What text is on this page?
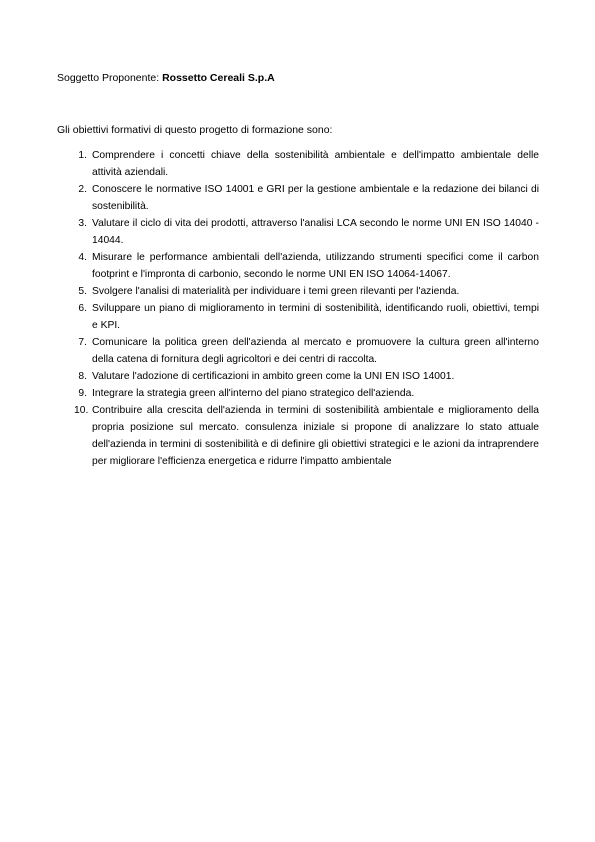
Soggetto Proponente: Rossetto Cereali S.p.A
Gli obiettivi formativi di questo progetto di formazione sono:
1. Comprendere i concetti chiave della sostenibilità ambientale e dell'impatto ambientale delle attività aziendali.
2. Conoscere le normative ISO 14001 e GRI per la gestione ambientale e la redazione dei bilanci di sostenibilità.
3. Valutare il ciclo di vita dei prodotti, attraverso l'analisi LCA secondo le norme UNI EN ISO 14040 - 14044.
4. Misurare le performance ambientali dell'azienda, utilizzando strumenti specifici come il carbon footprint e l'impronta di carbonio, secondo le norme UNI EN ISO 14064-14067.
5. Svolgere l'analisi di materialità per individuare i temi green rilevanti per l'azienda.
6. Sviluppare un piano di miglioramento in termini di sostenibilità, identificando ruoli, obiettivi, tempi e KPI.
7. Comunicare la politica green dell'azienda al mercato e promuovere la cultura green all'interno della catena di fornitura degli agricoltori e dei centri di raccolta.
8. Valutare l'adozione di certificazioni in ambito green come la UNI EN ISO 14001.
9. Integrare la strategia green all'interno del piano strategico dell'azienda.
10. Contribuire alla crescita dell'azienda in termini di sostenibilità ambientale e miglioramento della propria posizione sul mercato. consulenza iniziale si propone di analizzare lo stato attuale dell'azienda in termini di sostenibilità e di definire gli obiettivi strategici e le azioni da intraprendere per migliorare l'efficienza energetica e ridurre l'impatto ambientale
